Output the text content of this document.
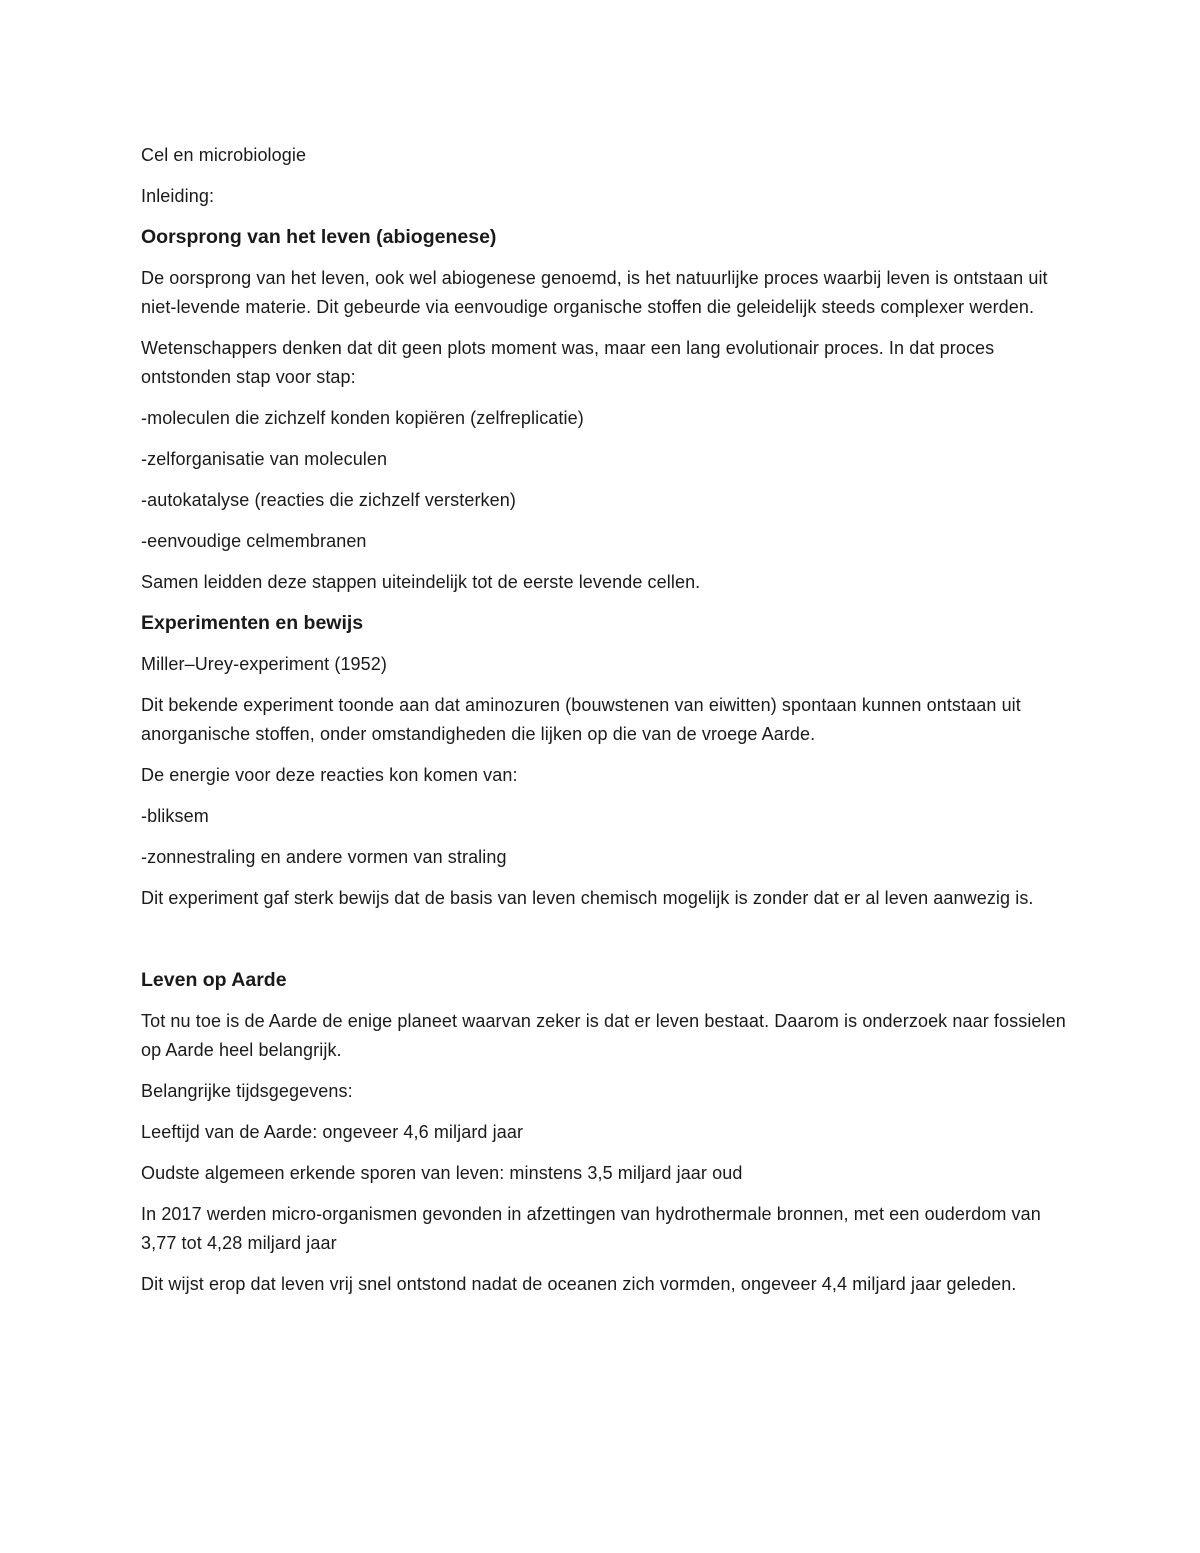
Cel en microbiologie
Inleiding:
Oorsprong van het leven (abiogenese)
De oorsprong van het leven, ook wel abiogenese genoemd, is het natuurlijke proces waarbij leven is ontstaan uit niet-levende materie. Dit gebeurde via eenvoudige organische stoffen die geleidelijk steeds complexer werden.
Wetenschappers denken dat dit geen plots moment was, maar een lang evolutionair proces. In dat proces ontstonden stap voor stap:
-moleculen die zichzelf konden kopiëren (zelfreplicatie)
-zelforganisatie van moleculen
-autokatalyse (reacties die zichzelf versterken)
-eenvoudige celmembranen
Samen leidden deze stappen uiteindelijk tot de eerste levende cellen.
Experimenten en bewijs
Miller–Urey-experiment (1952)
Dit bekende experiment toonde aan dat aminozuren (bouwstenen van eiwitten) spontaan kunnen ontstaan uit anorganische stoffen, onder omstandigheden die lijken op die van de vroege Aarde.
De energie voor deze reacties kon komen van:
-bliksem
-zonnestraling en andere vormen van straling
Dit experiment gaf sterk bewijs dat de basis van leven chemisch mogelijk is zonder dat er al leven aanwezig is.
Leven op Aarde
Tot nu toe is de Aarde de enige planeet waarvan zeker is dat er leven bestaat. Daarom is onderzoek naar fossielen op Aarde heel belangrijk.
Belangrijke tijdsgegevens:
Leeftijd van de Aarde: ongeveer 4,6 miljard jaar
Oudste algemeen erkende sporen van leven: minstens 3,5 miljard jaar oud
In 2017 werden micro-organismen gevonden in afzettingen van hydrothermale bronnen, met een ouderdom van 3,77 tot 4,28 miljard jaar
Dit wijst erop dat leven vrij snel ontstond nadat de oceanen zich vormden, ongeveer 4,4 miljard jaar geleden.
